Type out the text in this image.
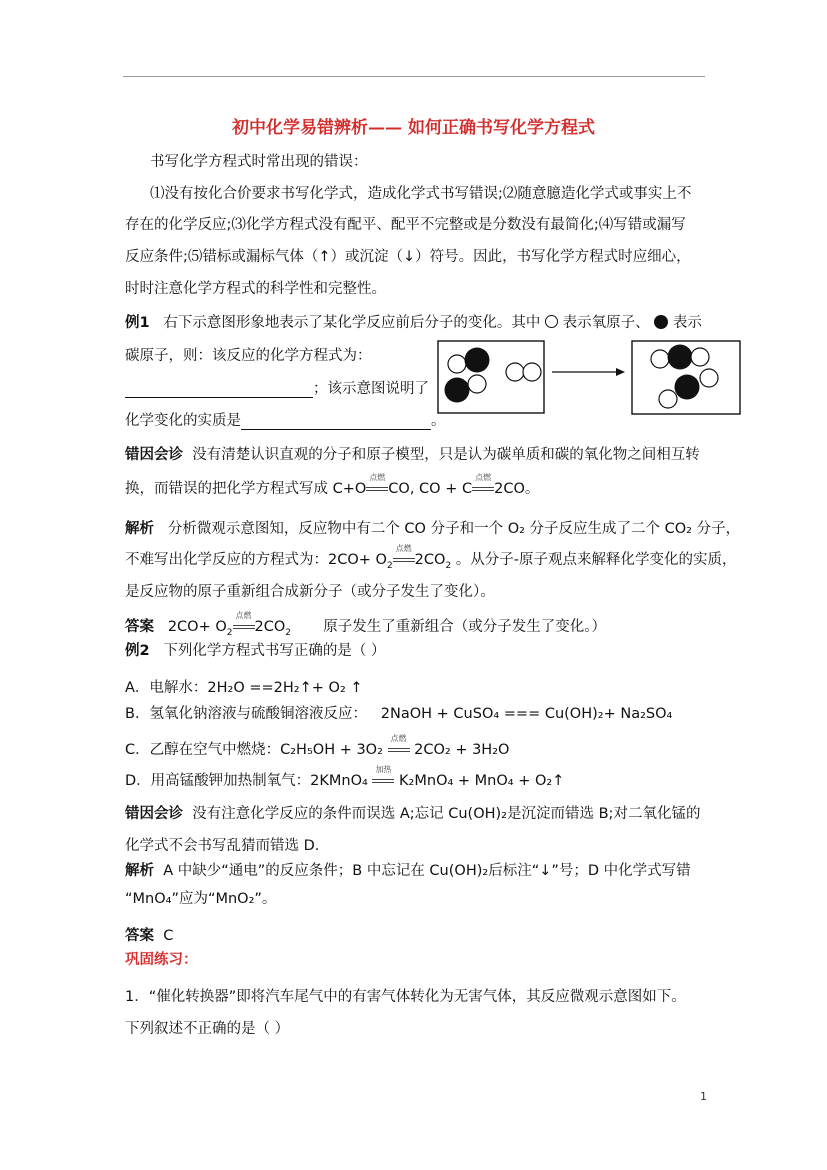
初中化学易错辨析—— 如何正确书写化学方程式
书写化学方程式时常出现的错误：
⑴没有按化合价要求书写化学式，造成化学式书写错误;⑵随意臆造化学式或事实上不
存在的化学反应;⑶化学方程式没有配平、配平不完整或是分数没有最简化;⑷写错或漏写
反应条件;⑸错标或漏标气体（↑）或沉淀（↓）符号。因此，书写化学方程式时应细心，
时时注意化学方程式的科学性和完整性。
例1 右下示意图形象地表示了某化学反应前后分子的变化。其中 表示氧原子、 表示
碳原子，则：该反应的化学方程式为：
；该示意图说明了
化学变化的实质是	。
错因会诊 没有清楚认识直观的分子和原子模型，只是认为碳单质和碳的氧化物之间相互转
换，而错误的把化学方程式写成 C+O
点燃
CO, CO + C
点燃
2CO。
解析 分析微观示意图知，反应物中有二个 CO 分子和一个 O₂ 分子反应生成了二个 CO₂ 分子，
不难写出化学反应的方程式为：$2CO+ O_2$
点燃
$2CO_2$ 。从分子-原子观点来解释化学变化的实质，
是反应物的原子重新组合成新分子（或分子发生了变化）。
答案 $2CO+ O_2$
点燃
$2CO_2$ 原子发生了重新组合（或分子发生了变化。）
例2 下列化学方程式书写正确的是（ ）
A．电解水：2H₂O ==2H₂↑+ O₂ ↑
B．氢氧化钠溶液与硫酸铜溶液反应： 2NaOH + CuSO₄ === Cu(OH)₂+ Na₂SO₄
C．乙醇在空气中燃烧：C₂H₅OH + 3O₂
点燃
2CO₂ + 3H₂O
D．用高锰酸钾加热制氧气：2KMnO₄
加热
K₂MnO₄ + MnO₄ + O₂↑
错因会诊 没有注意化学反应的条件而误选 A;忘记 Cu(OH)₂是沉淀而错选 B;对二氧化锰的
化学式不会书写乱猜而错选 D.
解析 A 中缺少“通电”的反应条件；B 中忘记在 Cu(OH)₂后标注“↓”号；D 中化学式写错
“MnO₄”应为“MnO₂”。
答案 C
巩固练习：
1．“催化转换器”即将汽车尾气中的有害气体转化为无害气体，其反应微观示意图如下。
下列叙述不正确的是（ ）
1
